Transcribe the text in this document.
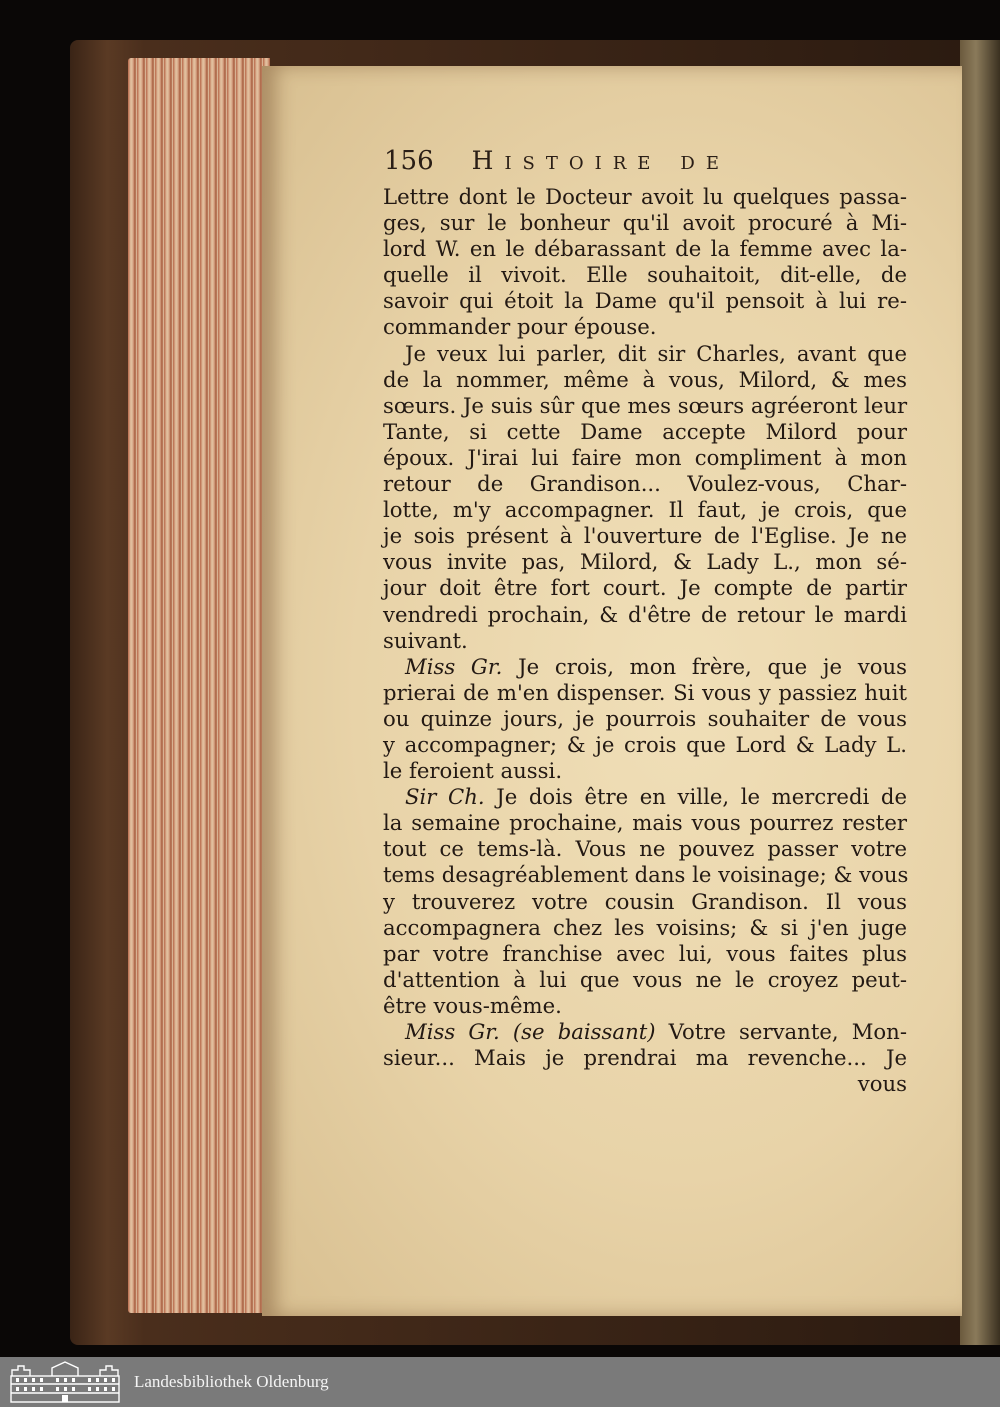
156 Histoire de
Lettre dont le Docteur avoit lu quelques passa-
ges, sur le bonheur qu'il avoit procuré à Mi-
lord W. en le débarassant de la femme avec la-
quelle il vivoit. Elle souhaitoit, dit-elle, de
savoir qui étoit la Dame qu'il pensoit à lui re-
commander pour épouse.
Je veux lui parler, dit sir Charles, avant que
de la nommer, même à vous, Milord, & mes
sœurs. Je suis sûr que mes sœurs agréeront leur
Tante, si cette Dame accepte Milord pour
époux. J'irai lui faire mon compliment à mon
retour de Grandison... Voulez-vous, Char-
lotte, m'y accompagner. Il faut, je crois, que
je sois présent à l'ouverture de l'Eglise. Je ne
vous invite pas, Milord, & Lady L., mon sé-
jour doit être fort court. Je compte de partir
vendredi prochain, & d'être de retour le mardi
suivant.
Miss Gr. Je crois, mon frère, que je vous
prierai de m'en dispenser. Si vous y passiez huit
ou quinze jours, je pourrois souhaiter de vous
y accompagner; & je crois que Lord & Lady L.
le feroient aussi.
Sir Ch. Je dois être en ville, le mercredi de
la semaine prochaine, mais vous pourrez rester
tout ce tems-là. Vous ne pouvez passer votre
tems desagréablement dans le voisinage; & vous
y trouverez votre cousin Grandison. Il vous
accompagnera chez les voisins; & si j'en juge
par votre franchise avec lui, vous faites plus
d'attention à lui que vous ne le croyez peut-
être vous-même.
Miss Gr. (se baissant) Votre servante, Mon-
sieur... Mais je prendrai ma revenche... Je
vous
Landesbibliothek Oldenburg
